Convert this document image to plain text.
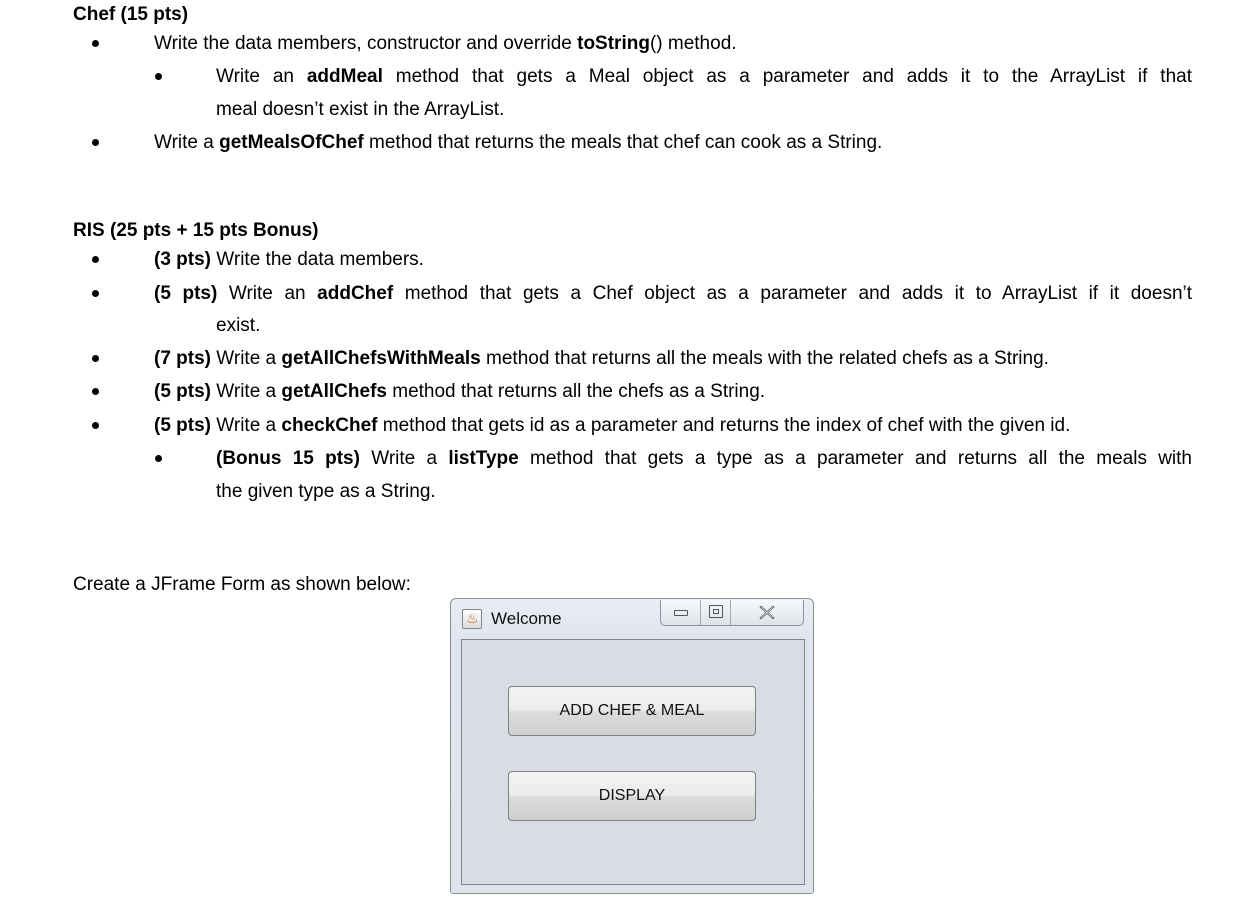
Chef (15 pts)
Write the data members, constructor and override toString() method.
Write an addMeal method that gets a Meal object as a parameter and adds it to the ArrayList if that
meal doesn’t exist in the ArrayList.
Write a getMealsOfChef method that returns the meals that chef can cook as a String.
RIS (25 pts + 15 pts Bonus)
(3 pts) Write the data members.
(5 pts) Write an addChef method that gets a Chef object as a parameter and adds it to ArrayList if it doesn’t
exist.
(7 pts) Write a getAllChefsWithMeals method that returns all the meals with the related chefs as a String.
(5 pts) Write a getAllChefs method that returns all the chefs as a String.
(5 pts) Write a checkChef method that gets id as a parameter and returns the index of chef with the given id.
(Bonus 15 pts) Write a listType method that gets a type as a parameter and returns all the meals with
the given type as a String.
Create a JFrame Form as shown below:
♨ Welcome
ADD CHEF & MEAL
DISPLAY
